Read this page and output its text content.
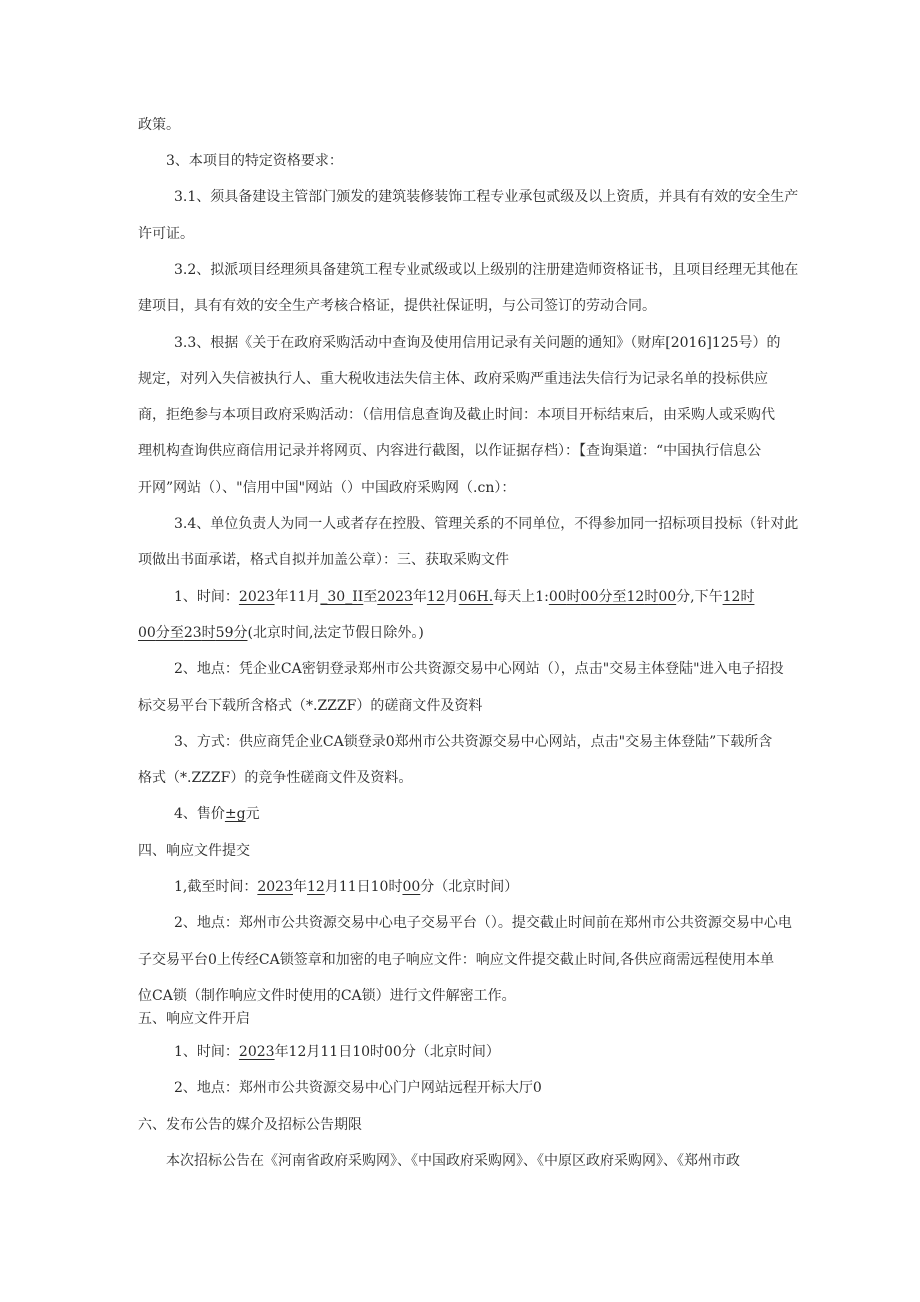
政策。
3、本项目的特定资格要求：
3.1、须具备建设主管部门颁发的建筑装修装饰工程专业承包贰级及以上资质，并具有有效的安全生产
许可证。
3.2、拟派项目经理须具备建筑工程专业贰级或以上级别的注册建造师资格证书，且项目经理无其他在
建项目，具有有效的安全生产考核合格证，提供社保证明，与公司签订的劳动合同。
3.3、根据《关于在政府采购活动中查询及使用信用记录有关问题的通知》（财库[2016]125号）的
规定，对列入失信被执行人、重大税收违法失信主体、政府采购严重违法失信行为记录名单的投标供应
商，拒绝参与本项目政府采购活动：（信用信息查询及截止时间：本项目开标结束后，由采购人或采购代
理机构查询供应商信用记录并将网页、内容进行截图，以作证据存档）：【查询渠道：“中国执行信息公
开网”网站（）、"信用中国"网站（）中国政府采购网（.cn）：
3.4、单位负责人为同一人或者存在控股、管理关系的不同单位，不得参加同一招标项目投标（针对此
项做出书面承诺，格式自拟并加盖公章）：三、获取采购文件
1、时间：2023年11月_30_II至2023年12月06H.每天上1:00时00分至12时00分,下午12时
00分至23时59分(北京时间,法定节假日除外。)
2、地点：凭企业CA密钥登录郑州市公共资源交易中心网站（），点击"交易主体登陆"进入电子招投
标交易平台下载所含格式（*.ZZZF）的磋商文件及资料
3、方式：供应商凭企业CA锁登录0郑州市公共资源交易中心网站，点击"交易主体登陆”下载所含
格式（*.ZZZF）的竞争性磋商文件及资料。
4、售价±g元
四、响应文件提交
1,截至时间：2023年12月11日10时00分（北京时间）
2、地点：郑州市公共资源交易中心电子交易平台（）。提交截止时间前在郑州市公共资源交易中心电
子交易平台0上传经CA锁签章和加密的电子响应文件：响应文件提交截止时间,各供应商需远程使用本单
位CA锁（制作响应文件时使用的CA锁）进行文件解密工作。
五、响应文件开启
1、时间：2023年12月11日10时00分（北京时间）
2、地点：郑州市公共资源交易中心门户网站远程开标大厅0
六、发布公告的媒介及招标公告期限
本次招标公告在《河南省政府采购网》、《中国政府采购网》、《中原区政府采购网》、《郑州市政
